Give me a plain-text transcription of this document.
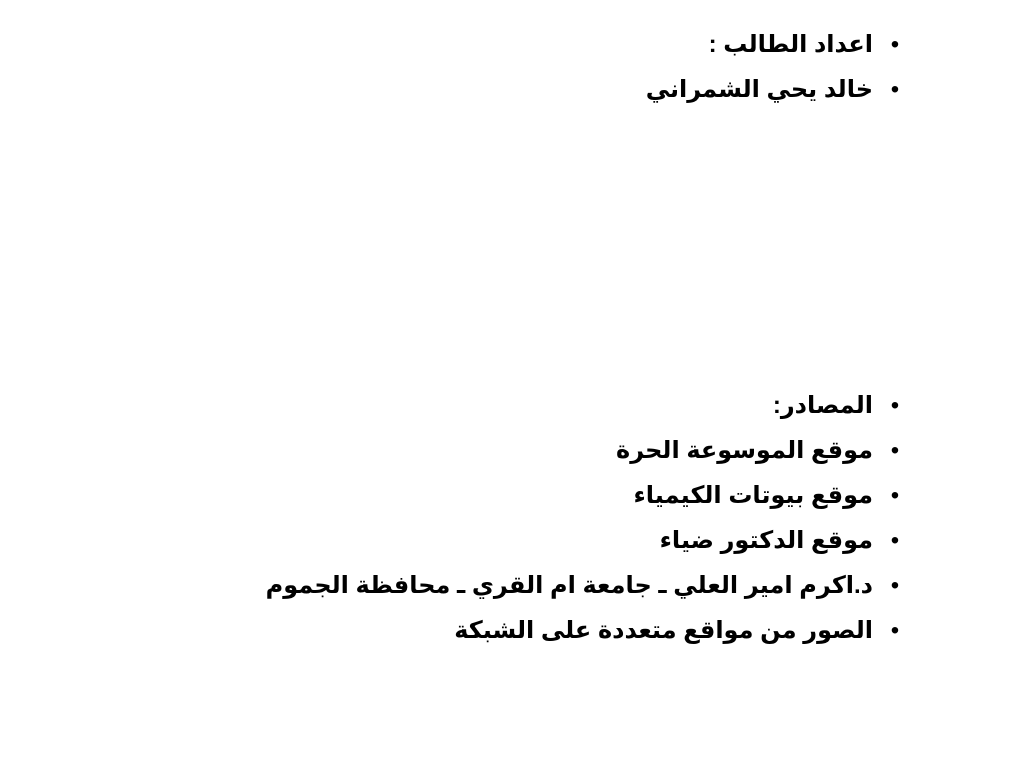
•
اعداد الطالب :
•
خالد يحي الشمراني
•
المصادر:
•
موقع الموسوعة الحرة
•
موقع بيوتات الكيمياء
•
موقع الدكتور ضياء
•
د.اكرم امير العلي ـ جامعة ام القري ـ محافظة الجموم
•
الصور من مواقع متعددة على الشبكة
